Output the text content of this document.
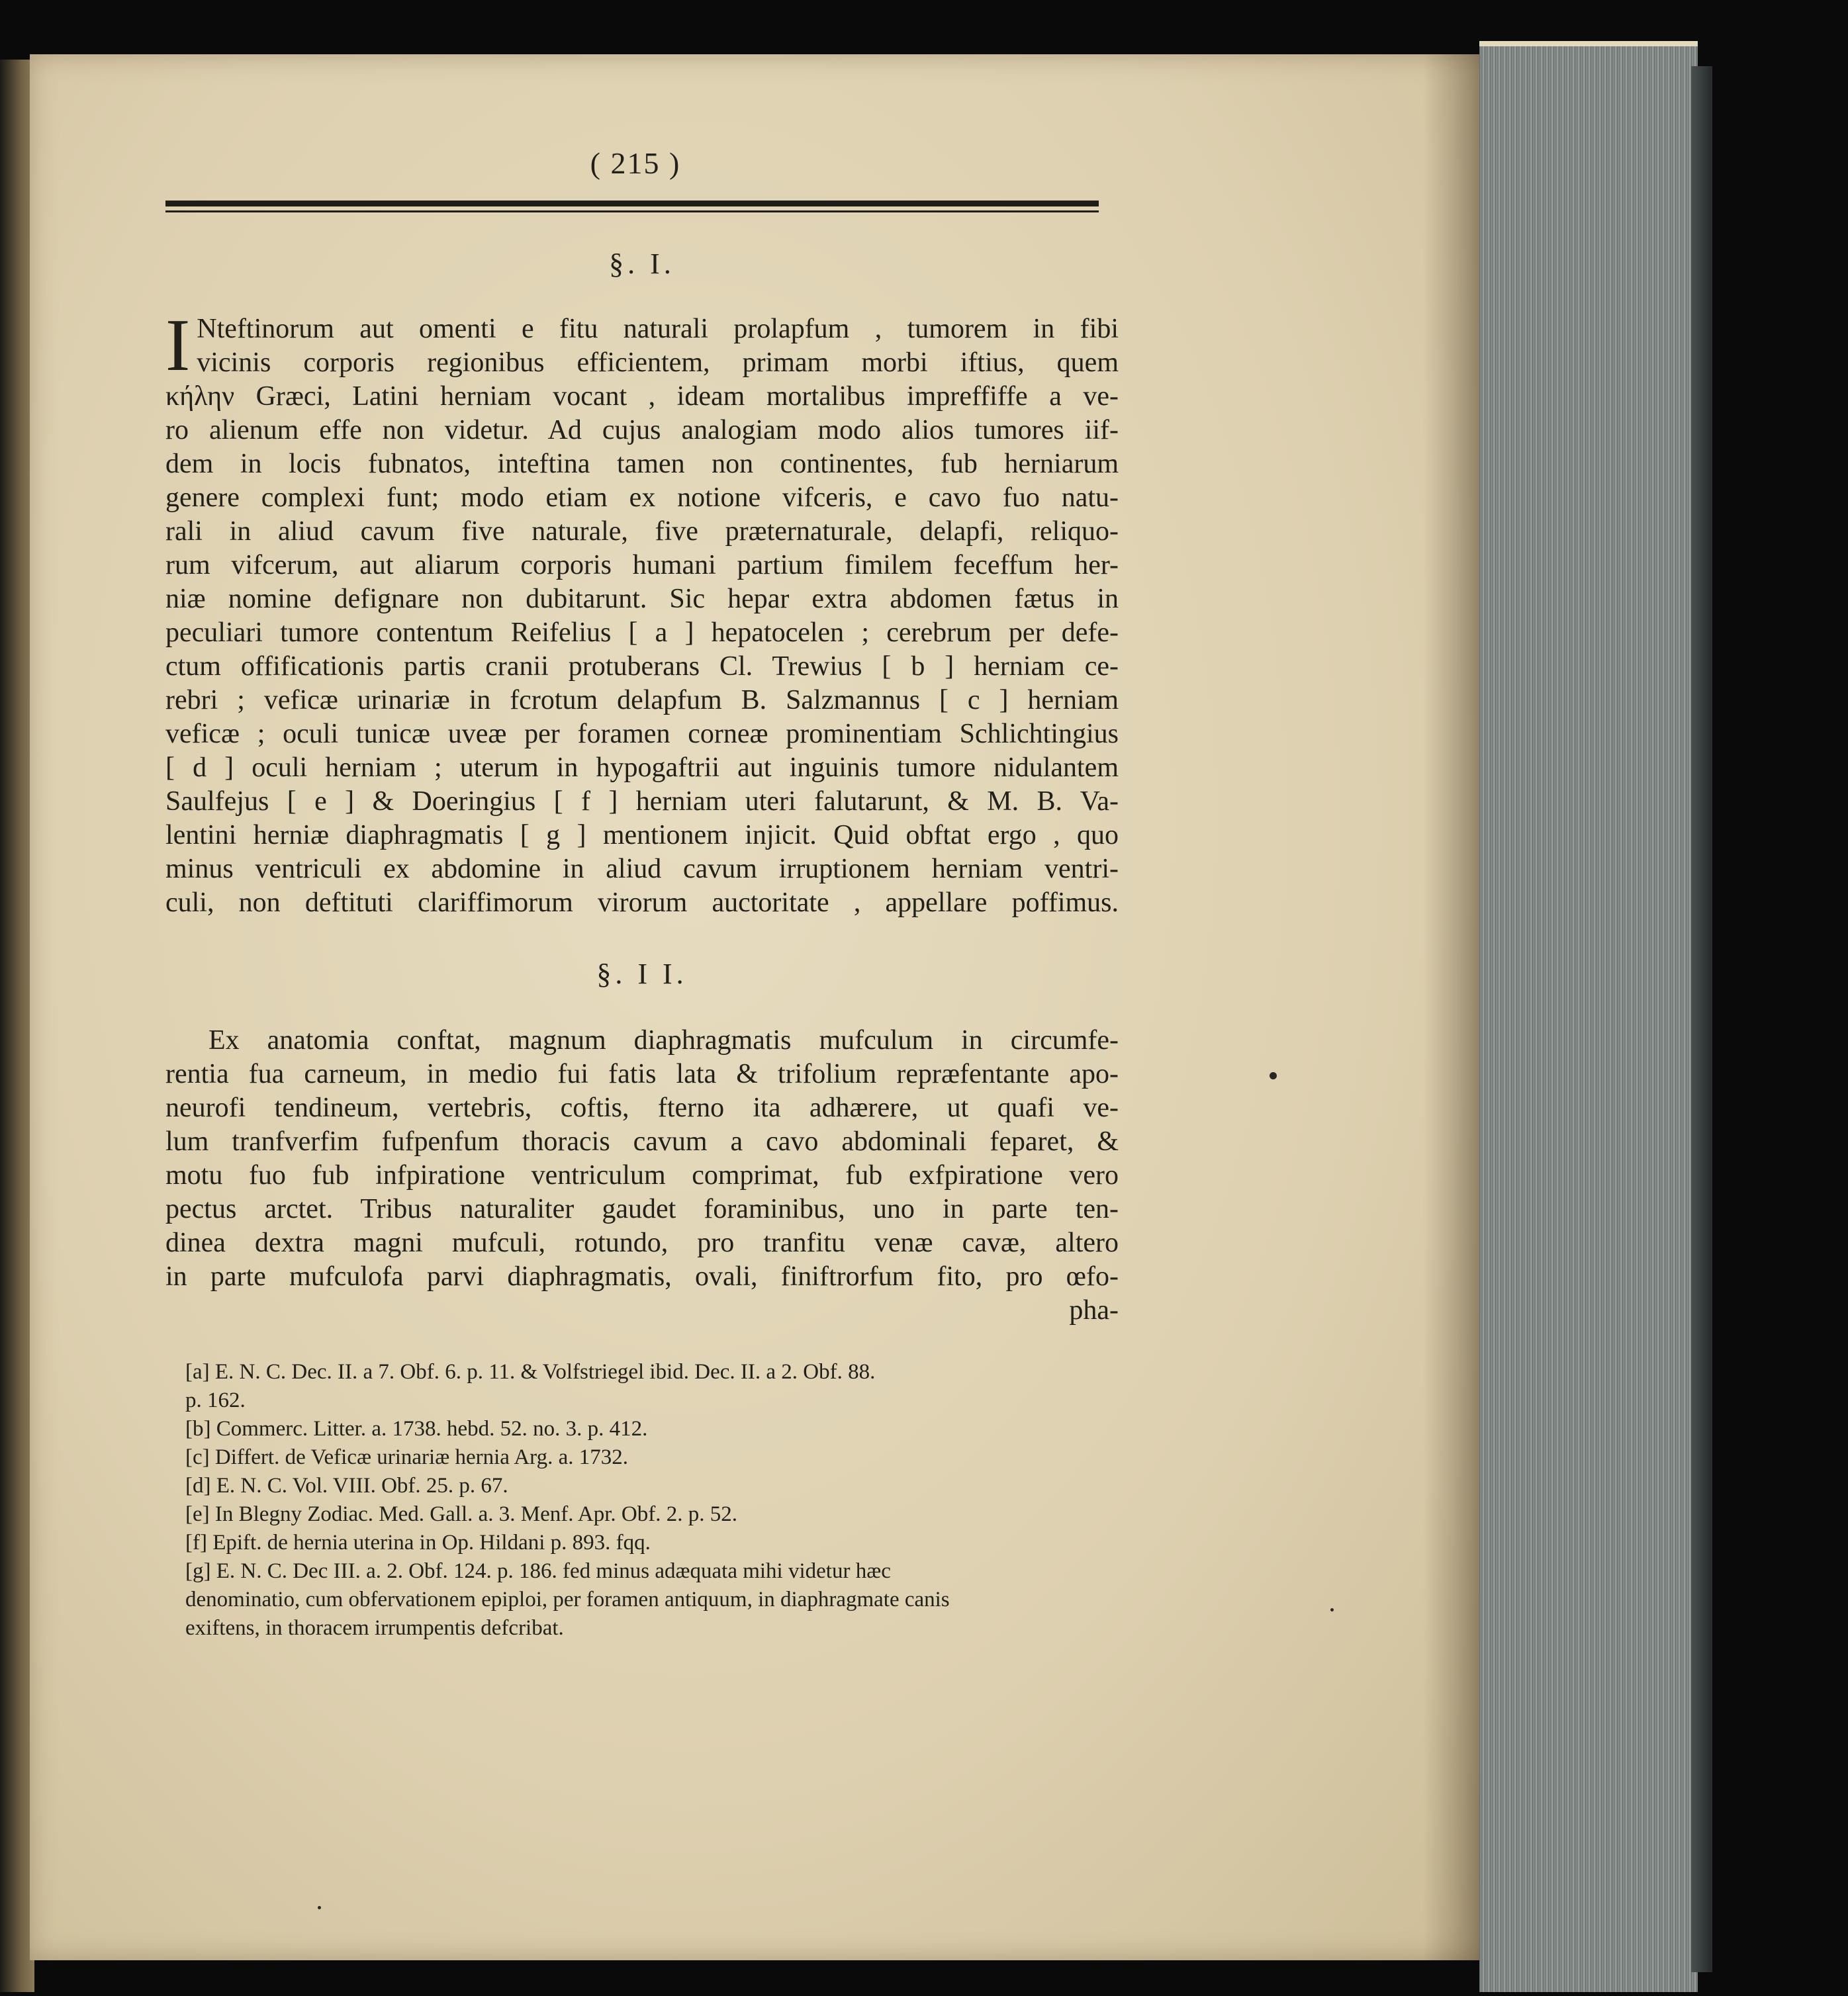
( 215 )
§. I.
I Nteftinorum aut omenti e fitu naturali prolapfum , tumorem in fibi
vicinis corporis regionibus efficientem, primam morbi iftius, quem
κήλην Græci, Latini herniam vocant , ideam mortalibus impreffiffe a ve-
ro alienum effe non videtur. Ad cujus analogiam modo alios tumores iif-
dem in locis fubnatos, inteftina tamen non continentes, fub herniarum
genere complexi funt; modo etiam ex notione vifceris, e cavo fuo natu-
rali in aliud cavum five naturale, five præternaturale, delapfi, reliquo-
rum vifcerum, aut aliarum corporis humani partium fimilem feceffum her-
niæ nomine defignare non dubitarunt. Sic hepar extra abdomen fætus in
peculiari tumore contentum Reifelius [ a ] hepatocelen ; cerebrum per defe-
ctum offificationis partis cranii protuberans Cl. Trewius [ b ] herniam ce-
rebri ; veficæ urinariæ in fcrotum delapfum B. Salzmannus [ c ] herniam
veficæ ; oculi tunicæ uveæ per foramen corneæ prominentiam Schlichtingius
[ d ] oculi herniam ; uterum in hypogaftrii aut inguinis tumore nidulantem
Saulfejus [ e ] & Doeringius [ f ] herniam uteri falutarunt, & M. B. Va-
lentini herniæ diaphragmatis [ g ] mentionem injicit. Quid obftat ergo , quo
minus ventriculi ex abdomine in aliud cavum irruptionem herniam ventri-
culi, non deftituti clariffimorum virorum auctoritate , appellare poffimus.
§. I I.
Ex anatomia conftat, magnum diaphragmatis mufculum in circumfe-
rentia fua carneum, in medio fui fatis lata & trifolium repræfentante apo-
neurofi tendineum, vertebris, coftis, fterno ita adhærere, ut quafi ve-
lum tranfverfim fufpenfum thoracis cavum a cavo abdominali feparet, &
motu fuo fub infpiratione ventriculum comprimat, fub exfpiratione vero
pectus arctet. Tribus naturaliter gaudet foraminibus, uno in parte ten-
dinea dextra magni mufculi, rotundo, pro tranfitu venæ cavæ, altero
in parte mufculofa parvi diaphragmatis, ovali, finiftrorfum fito, pro œfo-
pha-
[a] E. N. C. Dec. II. a 7. Obf. 6. p. 11. & Volfstriegel ibid. Dec. II. a 2. Obf. 88.
p. 162.
[b] Commerc. Litter. a. 1738. hebd. 52. no. 3. p. 412.
[c] Differt. de Veficæ urinariæ hernia Arg. a. 1732.
[d] E. N. C. Vol. VIII. Obf. 25. p. 67.
[e] In Blegny Zodiac. Med. Gall. a. 3. Menf. Apr. Obf. 2. p. 52.
[f] Epift. de hernia uterina in Op. Hildani p. 893. fqq.
[g] E. N. C. Dec III. a. 2. Obf. 124. p. 186. fed minus adæquata mihi videtur hæc
denominatio, cum obfervationem epiploi, per foramen antiquum, in diaphragmate canis
exiftens, in thoracem irrumpentis defcribat.
